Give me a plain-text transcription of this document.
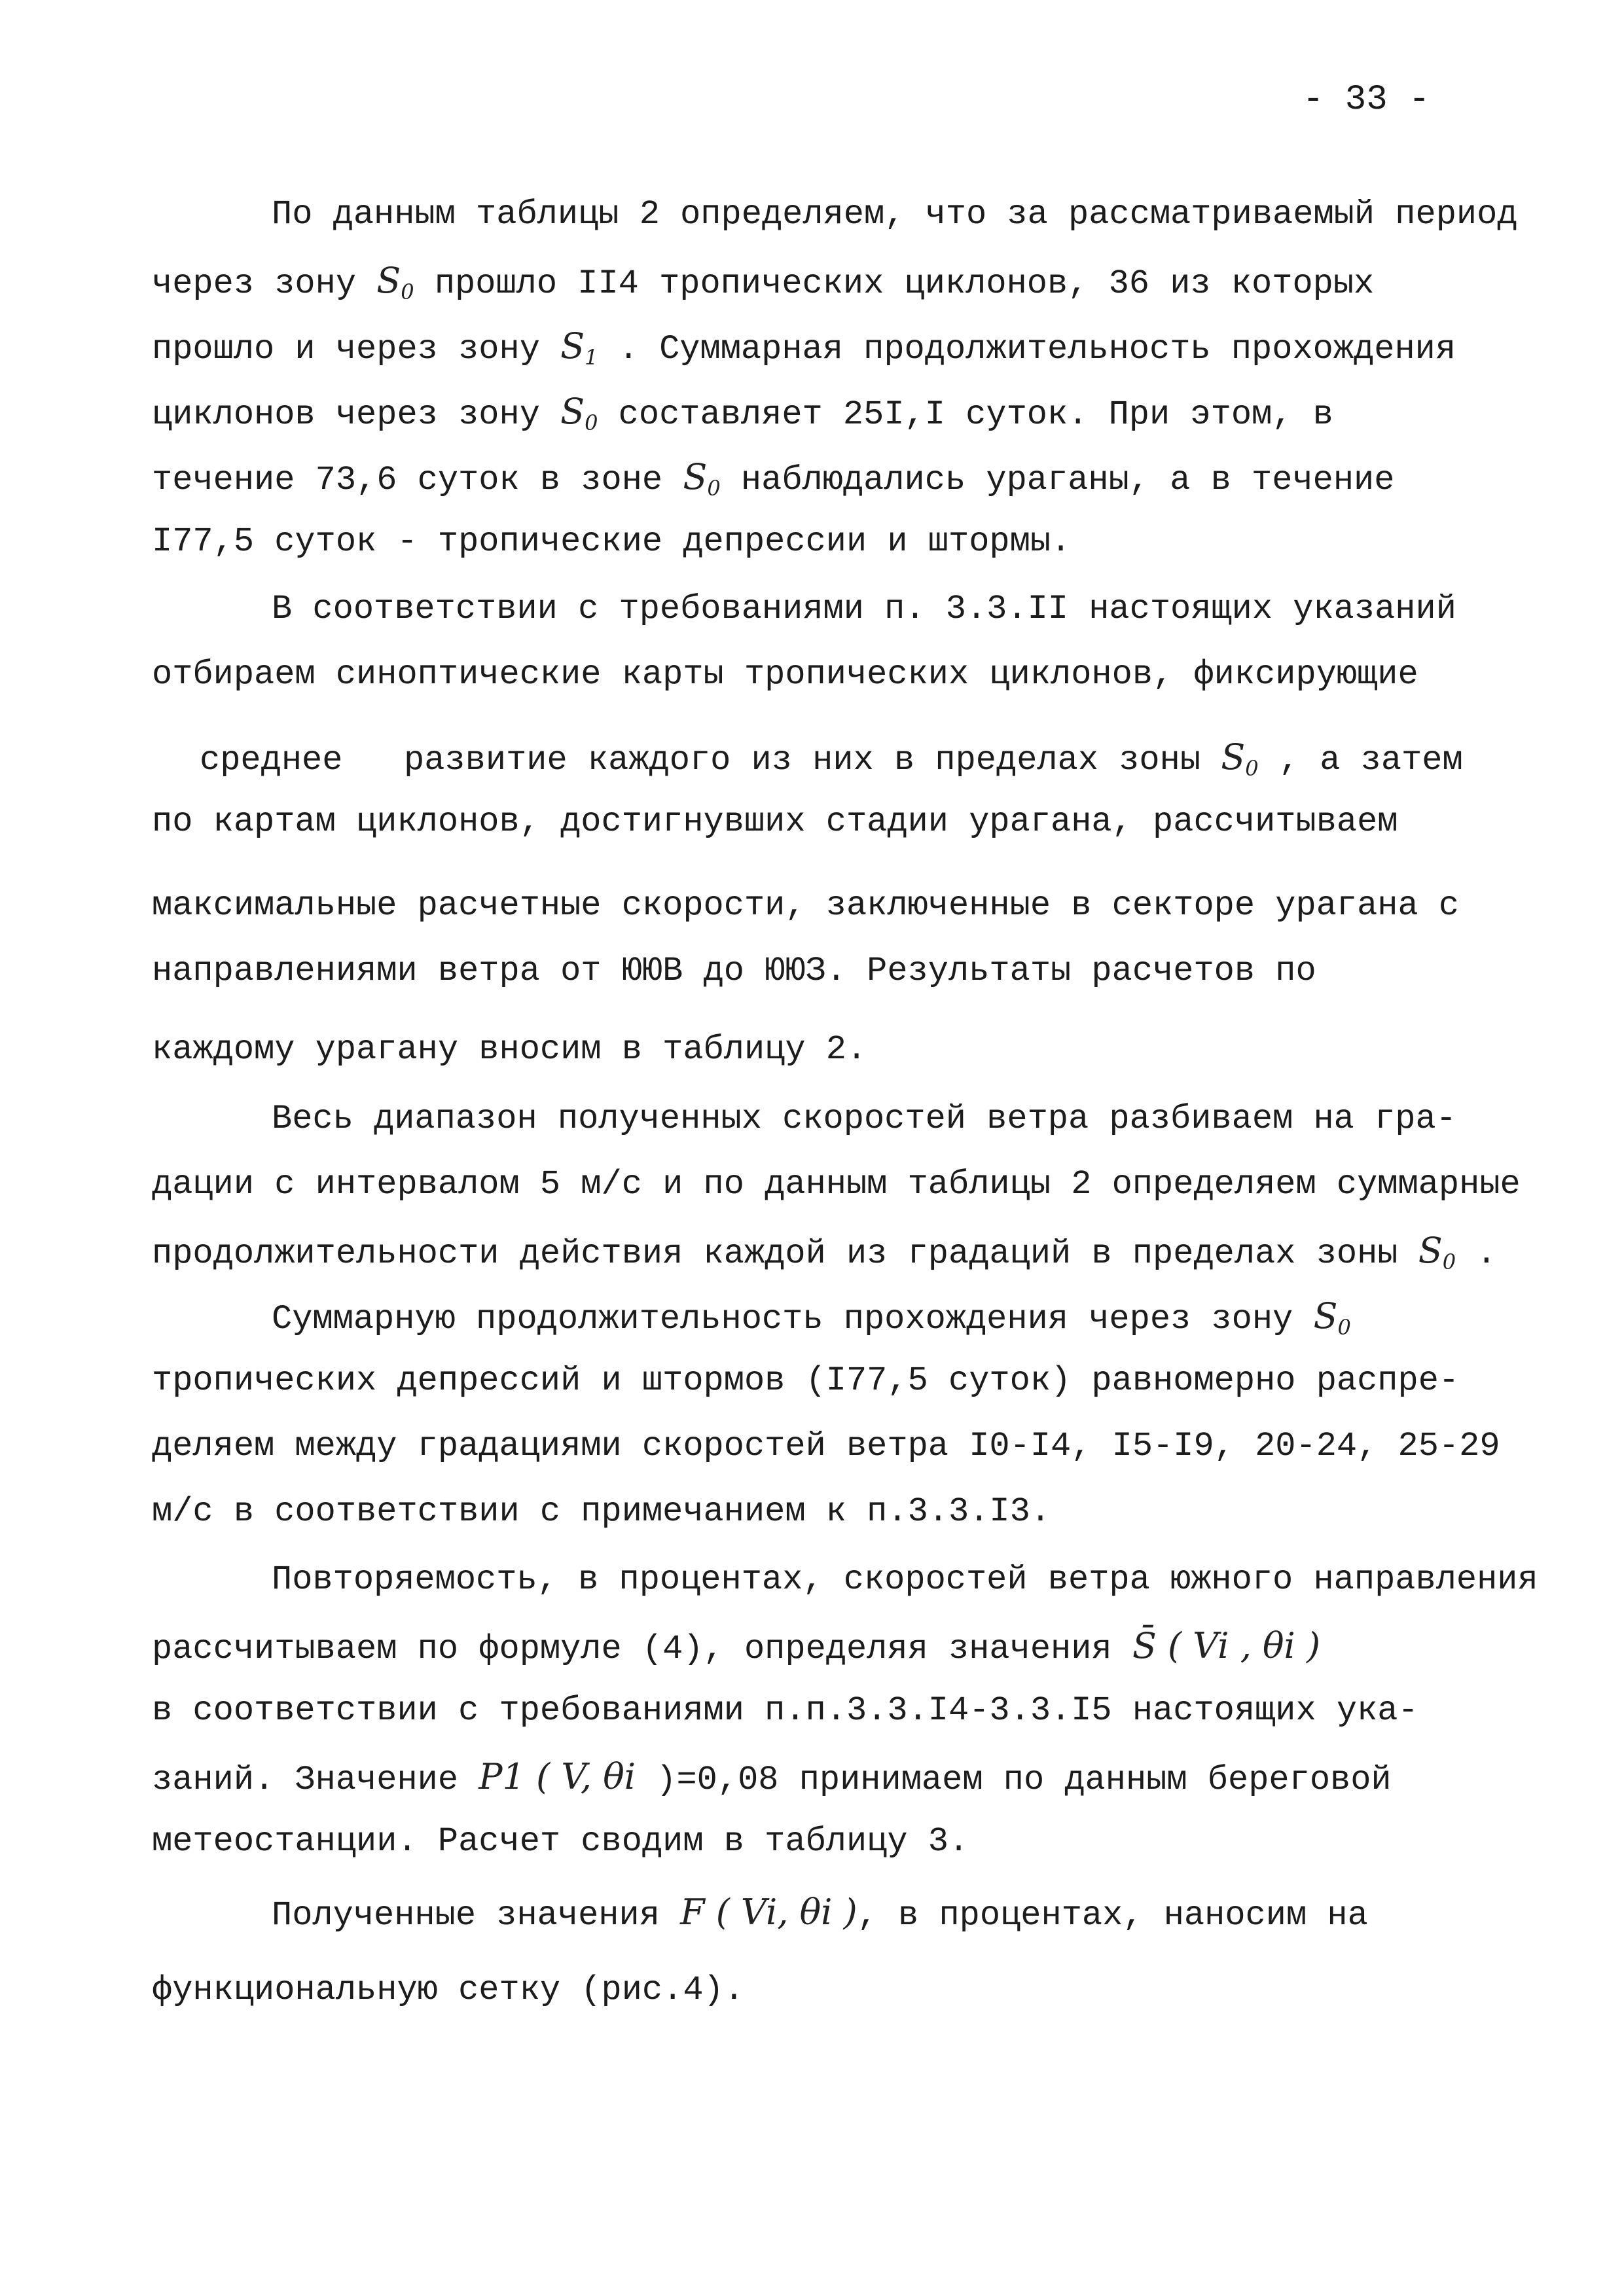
- 33 -
По данным таблицы 2 определяем, что за рассматриваемый период
через зону S0 прошло II4 тропических циклонов, 36 из которых
прошло и через зону S1 . Суммарная продолжительность прохождения
циклонов через зону S0 составляет 25I,I суток. При этом, в
течение 73,6 суток в зоне S0 наблюдались ураганы, а в течение
I77,5 суток - тропические депрессии и штормы.
В соответствии с требованиями п. 3.3.II настоящих указаний
отбираем синоптические карты тропических циклонов, фиксирующие
среднее   развитие каждого из них в пределах зоны S0 , а затем
по картам циклонов, достигнувших стадии урагана, рассчитываем
максимальные расчетные скорости, заключенные в секторе урагана с
направлениями ветра от ЮЮВ до ЮЮЗ. Результаты расчетов по
каждому урагану вносим в таблицу 2.
Весь диапазон полученных скоростей ветра разбиваем на гра-
дации с интервалом 5 м/с и по данным таблицы 2 определяем суммарные
продолжительности действия каждой из градаций в пределах зоны S0 .
Суммарную продолжительность прохождения через зону S0
тропических депрессий и штормов (I77,5 суток) равномерно распре-
деляем между градациями скоростей ветра I0-I4, I5-I9, 20-24, 25-29
м/с в соответствии с примечанием к п.3.3.I3.
Повторяемость, в процентах, скоростей ветра южного направления
рассчитываем по формуле (4), определяя значения S̄ ( Vi , θi )
в соответствии с требованиями п.п.3.3.I4-3.3.I5 настоящих ука-
заний. Значение P1 ( V, θi )=0,08 принимаем по данным береговой
метеостанции. Расчет сводим в таблицу 3.
Полученные значения F ( Vi, θi ), в процентах, наносим на
функциональную сетку (рис.4).
